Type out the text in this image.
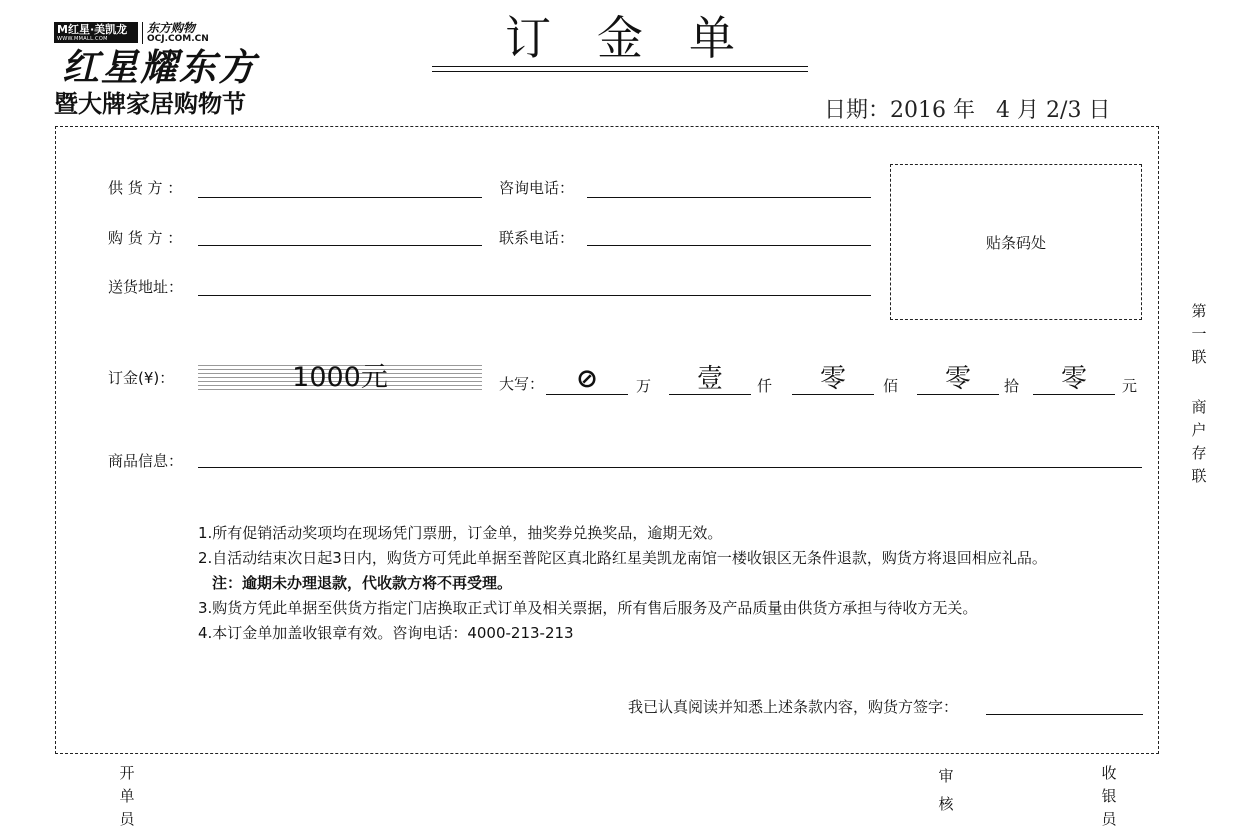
M红星·美凯龙
WWW.MMALL.COM
东方购物
OCJ.COM.CN
红星耀东方
暨大牌家居购物节
订金单
日期：2016 年 4 月 2/3 日
供 货 方 ：	咨询电话：
购 货 方 ：	联系电话：
送货地址：
贴条码处
订金(¥)：	1000元	大写：	⊘	万	壹	仟	零	佰	零	拾	零	元
商品信息：
1.所有促销活动奖项均在现场凭门票册，订金单，抽奖券兑换奖品，逾期无效。
2.自活动结束次日起3日内，购货方可凭此单据至普陀区真北路红星美凯龙南馆一楼收银区无条件退款，购货方将退回相应礼品。
注：逾期未办理退款，代收款方将不再受理。
3.购货方凭此单据至供货方指定门店换取正式订单及相关票据，所有售后服务及产品质量由供货方承担与待收方无关。
4.本订金单加盖收银章有效。咨询电话：4000-213-213
我已认真阅读并知悉上述条款内容，购货方签字：
第一联
商户存联
开单员
审核
收银员
